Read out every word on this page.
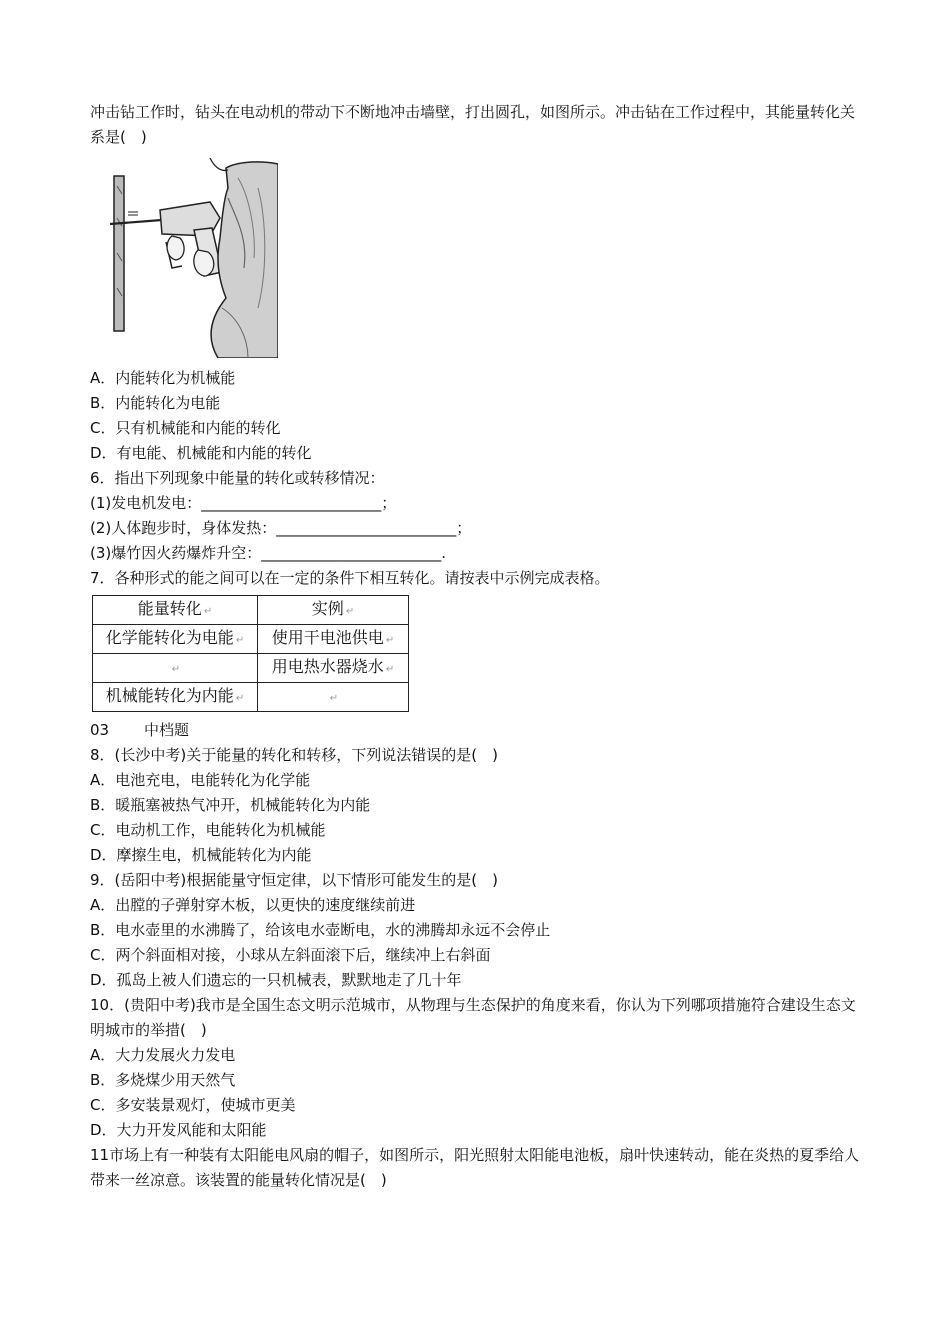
冲击钻工作时，钻头在电动机的带动下不断地冲击墙壁，打出圆孔，如图所示。冲击钻在工作过程中，其能量转化关系是(　)

A．内能转化为机械能

B．内能转化为电能

C．只有机械能和内能的转化

D．有电能、机械能和内能的转化

6．指出下列现象中能量的转化或转移情况：

(1)发电机发电：________________________；

(2)人体跑步时，身体发热：________________________；

(3)爆竹因火药爆炸升空：________________________.

7．各种形式的能之间可以在一定的条件下相互转化。请按表中示例完成表格。

能量转化 ↵	实例 ↵
化学能转化为电能 ↵	使用干电池供电 ↵
↵	用电热水器烧水 ↵
机械能转化为内能 ↵	↵

03 中档题

8．(长沙中考)关于能量的转化和转移，下列说法错误的是(　)

A．电池充电，电能转化为化学能

B．暖瓶塞被热气冲开，机械能转化为内能

C．电动机工作，电能转化为机械能

D．摩擦生电，机械能转化为内能

9．(岳阳中考)根据能量守恒定律，以下情形可能发生的是(　)

A．出膛的子弹射穿木板，以更快的速度继续前进

B．电水壶里的水沸腾了，给该电水壶断电，水的沸腾却永远不会停止

C．两个斜面相对接，小球从左斜面滚下后，继续冲上右斜面

D．孤岛上被人们遗忘的一只机械表，默默地走了几十年

10．(贵阳中考)我市是全国生态文明示范城市，从物理与生态保护的角度来看，你认为下列哪项措施符合建设生态文明城市的举措(　)

A．大力发展火力发电

B．多烧煤少用天然气

C．多安装景观灯，使城市更美

D．大力开发风能和太阳能

11市场上有一种装有太阳能电风扇的帽子，如图所示，阳光照射太阳能电池板，扇叶快速转动，能在炎热的夏季给人带来一丝凉意。该装置的能量转化情况是(　)
